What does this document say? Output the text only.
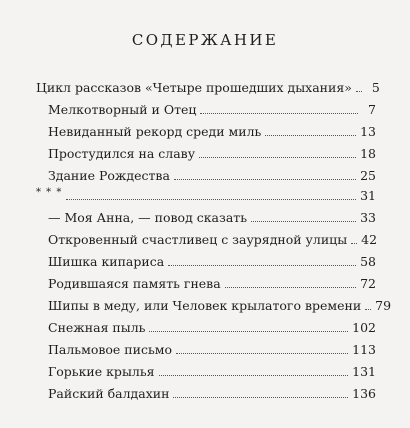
СОДЕРЖАНИЕ
Цикл рассказов «Четыре прошедших дыхания»	5
Мелкотворный и Отец	7
Невиданный рекорд среди миль	13
Простудился на славу	18
Здание Рождества	25
* * *	31
— Моя Анна, — повод сказать	33
Откровенный счастливец с заурядной улицы 42
Шишка кипариса	58
Родившаяся память гнева	72
Шипы в меду, или Человек крылатого времени 79
Снежная пыль	102
Пальмовое письмо	113
Горькие крылья	131
Райский балдахин	136
